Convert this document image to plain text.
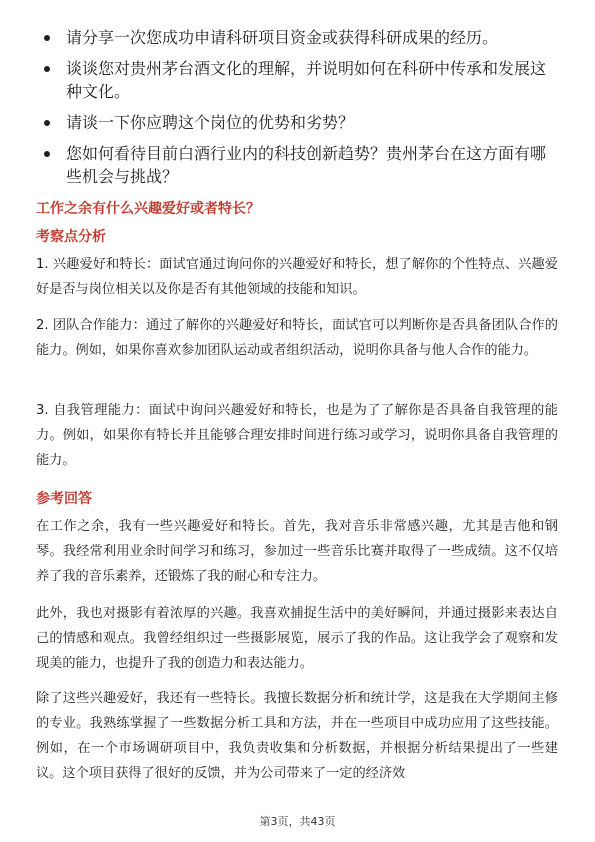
请分享一次您成功申请科研项目资金或获得科研成果的经历。
谈谈您对贵州茅台酒文化的理解，并说明如何在科研中传承和发展这种文化。
请谈一下你应聘这个岗位的优势和劣势？
您如何看待目前白酒行业内的科技创新趋势？贵州茅台在这方面有哪些机会与挑战？
工作之余有什么兴趣爱好或者特长？
考察点分析

1. 兴趣爱好和特长：面试官通过询问你的兴趣爱好和特长，想了解你的个性特点、兴趣爱好是否与岗位相关以及你是否有其他领域的技能和知识。

2. 团队合作能力：通过了解你的兴趣爱好和特长，面试官可以判断你是否具备团队合作的能力。例如，如果你喜欢参加团队运动或者组织活动，说明你具备与他人合作的能力。

3. 自我管理能力：面试中询问兴趣爱好和特长，也是为了了解你是否具备自我管理的能力。例如，如果你有特长并且能够合理安排时间进行练习或学习，说明你具备自我管理的能力。

参考回答

在工作之余，我有一些兴趣爱好和特长。首先，我对音乐非常感兴趣，尤其是吉他和钢琴。我经常利用业余时间学习和练习，参加过一些音乐比赛并取得了一些成绩。这不仅培养了我的音乐素养，还锻炼了我的耐心和专注力。

此外，我也对摄影有着浓厚的兴趣。我喜欢捕捉生活中的美好瞬间，并通过摄影来表达自己的情感和观点。我曾经组织过一些摄影展览，展示了我的作品。这让我学会了观察和发现美的能力，也提升了我的创造力和表达能力。

除了这些兴趣爱好，我还有一些特长。我擅长数据分析和统计学，这是我在大学期间主修的专业。我熟练掌握了一些数据分析工具和方法，并在一些项目中成功应用了这些技能。例如，在一个市场调研项目中，我负责收集和分析数据，并根据分析结果提出了一些建议。这个项目获得了很好的反馈，并为公司带来了一定的经济效

第3页，共43页
